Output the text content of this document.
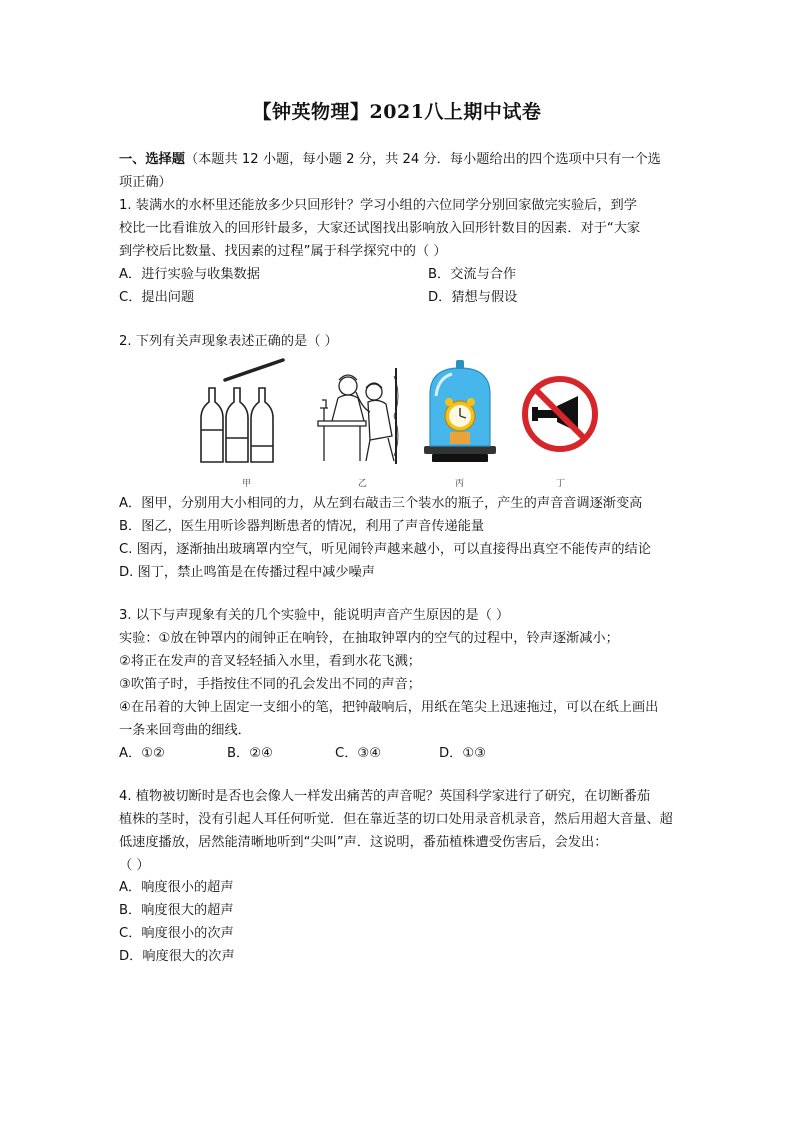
【钟英物理】2021八上期中试卷
一、选择题（本题共 12 小题，每小题 2 分，共 24 分．每小题给出的四个选项中只有一个选
项正确）
1. 装满水的水杯里还能放多少只回形针？学习小组的六位同学分别回家做完实验后，到学
校比一比看谁放入的回形针最多，大家还试图找出影响放入回形针数目的因素．对于“大家
到学校后比数量、找因素的过程”属于科学探究中的（ ）
A．进行实验与收集数据	B．交流与合作
C．提出问题	D．猜想与假设
2. 下列有关声现象表述正确的是（ ）
甲	乙	丙	丁
A．图甲，分别用大小相同的力，从左到右敲击三个装水的瓶子，产生的声音音调逐渐变高
B．图乙，医生用听诊器判断患者的情况，利用了声音传递能量
C. 图丙，逐渐抽出玻璃罩内空气，听见闹铃声越来越小，可以直接得出真空不能传声的结论
D. 图丁，禁止鸣笛是在传播过程中减少噪声
3. 以下与声现象有关的几个实验中，能说明声音产生原因的是（ ）
实验：①放在钟罩内的闹钟正在响铃，在抽取钟罩内的空气的过程中，铃声逐渐减小；
②将正在发声的音叉轻轻插入水里，看到水花飞溅；
③吹笛子时，手指按住不同的孔会发出不同的声音；
④在吊着的大钟上固定一支细小的笔，把钟敲响后，用纸在笔尖上迅速拖过，可以在纸上画出
一条来回弯曲的细线．
A．①②	B．②④	C．③④	D．①③
4. 植物被切断时是否也会像人一样发出痛苦的声音呢？英国科学家进行了研究，在切断番茄
植株的茎时，没有引起人耳任何听觉．但在靠近茎的切口处用录音机录音，然后用超大音量、超
低速度播放，居然能清晰地听到“尖叫”声．这说明，番茄植株遭受伤害后，会发出：
（ ）
A．响度很小的超声
B．响度很大的超声
C．响度很小的次声
D．响度很大的次声
